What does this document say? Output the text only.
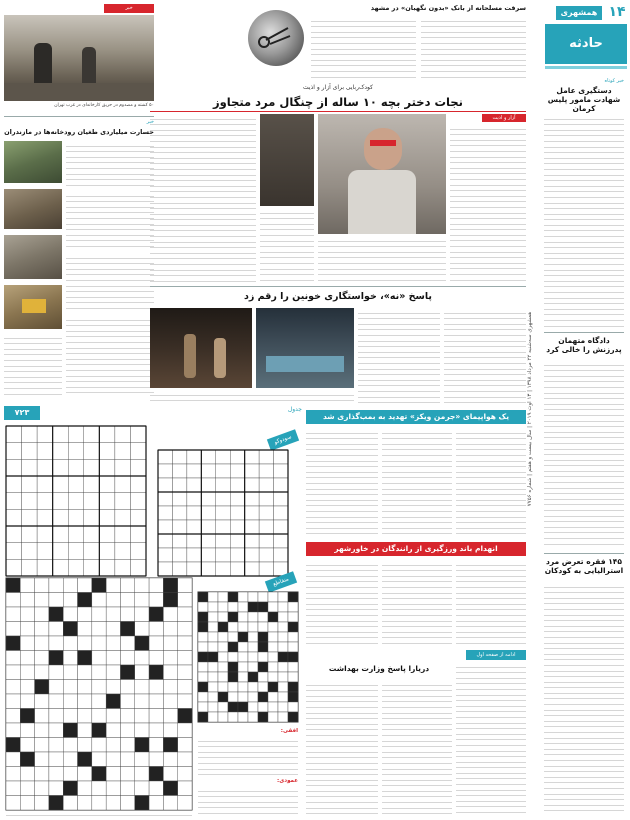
۱۴
همشهری
حادثه
خبر کوتاه
دستگیری عامل شهادت مامور پلیس کرمان
دادگاه متهمان پدرزنش را خالی کرد
۱۴۵ فقره تعرض مرد استرالیایی به کودکان
همشهری سه‌شنبه ۲۲ مرداد ۱۳۹۸ | ۱۳ اوت ۲۰۱۹ | سال بیست و هفتم | شماره ۷۷۵۶
سرقت مسلحانه از بانک «بدون نگهبان» در مشهد
خبر
۵۰ کشته و مصدوم در حریق کارخانه‌ای در غرب تهران
خبر
خسارت میلیاردی طغیان رودخانه‌ها در مازندران
کودک‌ربایی برای آزار و اذیت
نجات دختر بچه ۱۰ ساله از چنگال مرد متجاوز
آزار و اذیت
پاسخ «نه»، خواستگاری خونین را رقم زد
۷۲۳	جدول
سودوکو
متقاطع
افقی:
عمودی:
یک هواپیمای «جرمن ویکز» تهدید به بمب‌گذاری شد
انهدام باند ورزگیری از رانندگان در خاورشهر
ادامه از صفحه اول
دریارا پاسخ وزارت بهداشت
